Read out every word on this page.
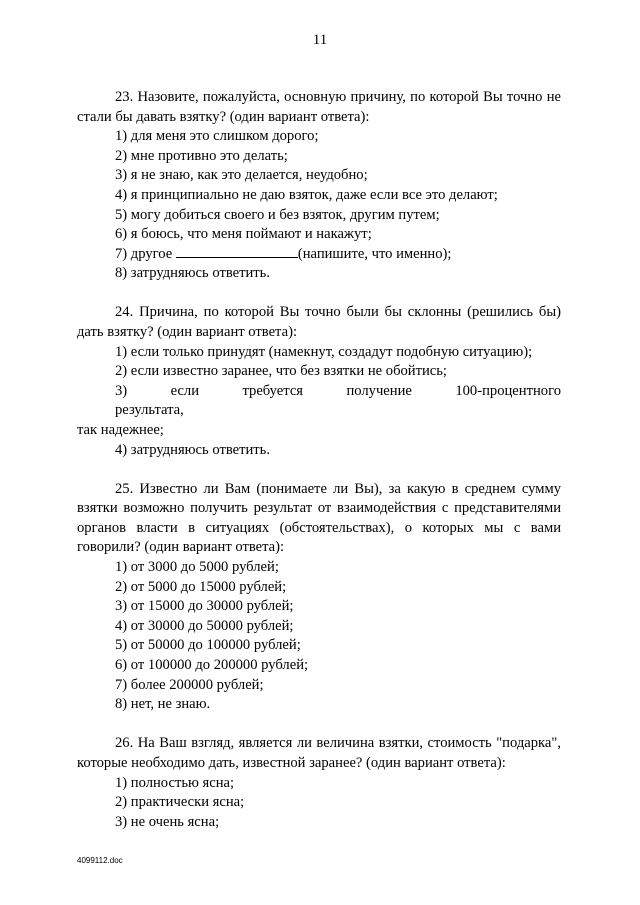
11

23. Назовите, пожалуйста, основную причину, по которой Вы точно не стали бы давать взятку? (один вариант ответа):

1) для меня это слишком дорого;
2) мне противно это делать;
3) я не знаю, как это делается, неудобно;
4) я принципиально не даю взяток, даже если все это делают;
5) могу добиться своего и без взяток, другим путем;
6) я боюсь, что меня поймают и накажут;
7) другое	(напишите, что именно);
8) затрудняюсь ответить.

24. Причина, по которой Вы точно были бы склонны (решились бы) дать взятку? (один вариант ответа):

1) если только принудят (намекнут, создадут подобную ситуацию);
2) если известно заранее, что без взятки не обойтись;
3) если требуется получение 100-процентного результата,
так надежнее;
4) затрудняюсь ответить.

25. Известно ли Вам (понимаете ли Вы), за какую в среднем сумму взятки возможно получить результат от взаимодействия с представителями органов власти в ситуациях (обстоятельствах), о которых мы с вами говорили? (один вариант ответа):

1) от 3000 до 5000 рублей;
2) от 5000 до 15000 рублей;
3) от 15000 до 30000 рублей;
4) от 30000 до 50000 рублей;
5) от 50000 до 100000 рублей;
6) от 100000 до 200000 рублей;
7) более 200000 рублей;
8) нет, не знаю.

26. На Ваш взгляд, является ли величина взятки, стоимость "подарка", которые необходимо дать, известной заранее? (один вариант ответа):

1) полностью ясна;
2) практически ясна;
3) не очень ясна;
4099112.doc
